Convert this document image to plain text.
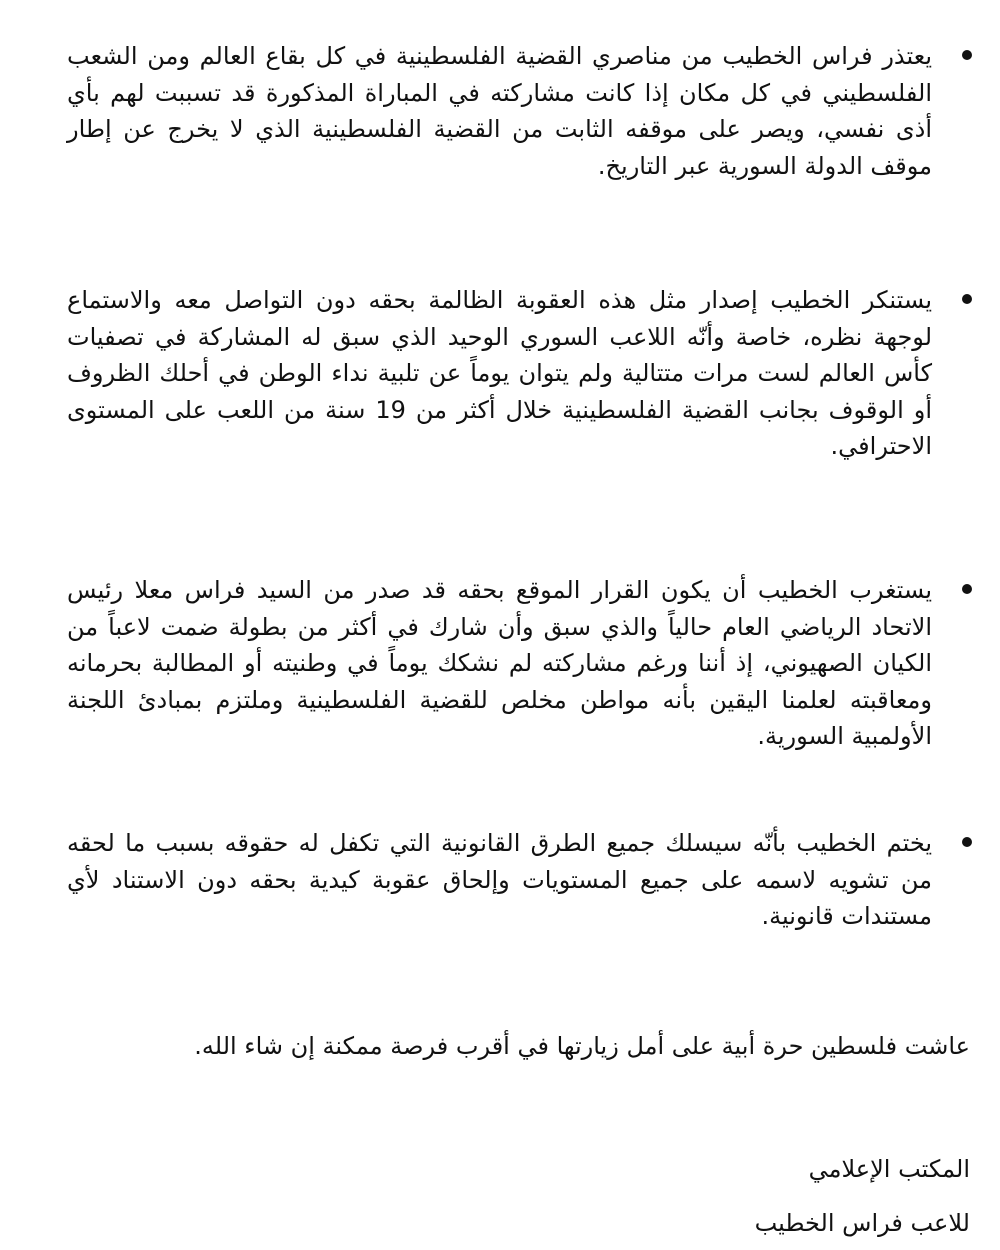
يعتذر فراس الخطيب من مناصري القضية الفلسطينية في كل بقاع العالم ومن الشعب الفلسطيني في كل مكان إذا كانت مشاركته في المباراة المذكورة قد تسببت لهم بأي أذى نفسي، ويصر على موقفه الثابت من القضية الفلسطينية الذي لا يخرج عن إطار موقف الدولة السورية عبر التاريخ.
يستنكر الخطيب إصدار مثل هذه العقوبة الظالمة بحقه دون التواصل معه والاستماع لوجهة نظره، خاصة وأنّه اللاعب السوري الوحيد الذي سبق له المشاركة في تصفيات كأس العالم لست مرات متتالية ولم يتوان يوماً عن تلبية نداء الوطن في أحلك الظروف أو الوقوف بجانب القضية الفلسطينية خلال أكثر من 19 سنة من اللعب على المستوى الاحترافي.
يستغرب الخطيب أن يكون القرار الموقع بحقه قد صدر من السيد فراس معلا رئيس الاتحاد الرياضي العام حالياً والذي سبق وأن شارك في أكثر من بطولة ضمت لاعباً من الكيان الصهيوني، إذ أننا ورغم مشاركته لم نشكك يوماً في وطنيته أو المطالبة بحرمانه ومعاقبته لعلمنا اليقين بأنه مواطن مخلص للقضية الفلسطينية وملتزم بمبادئ اللجنة الأولمبية السورية.
يختم الخطيب بأنّه سيسلك جميع الطرق القانونية التي تكفل له حقوقه بسبب ما لحقه من تشويه لاسمه على جميع المستويات وإلحاق عقوبة كيدية بحقه دون الاستناد لأي مستندات قانونية.
عاشت فلسطين حرة أبية على أمل زيارتها في أقرب فرصة ممكنة إن شاء الله.
المكتب الإعلامي
للاعب فراس الخطيب
